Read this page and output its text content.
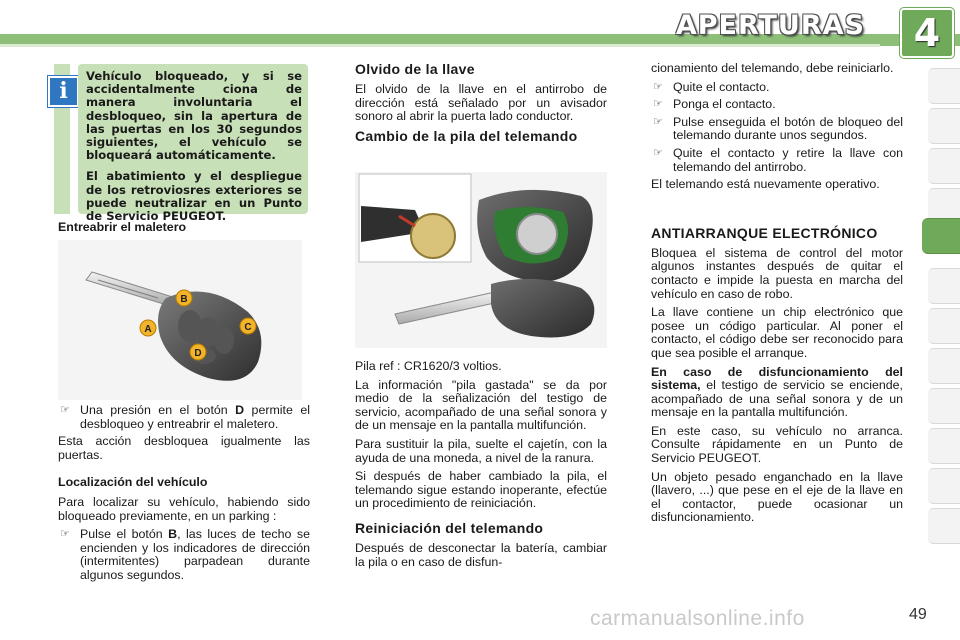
APERTURAS	4
i

Vehículo bloqueado, y si se accidentalmente ciona de manera involuntaria el desbloqueo, sin la apertura de las puertas en los 30 segundos siguientes, el vehículo se bloqueará automáticamente.

El abatimiento y el despliegue de los retroviosres exteriores se puede neutralizar en un Punto de Servicio PEUGEOT.

Entreabrir el maletero
A
B
C
D
☞ Una presión en el botón D permite el desbloqueo y entreabrir el maletero.

Esta acción desbloquea igualmente las puertas.

Localización del vehículo

Para localizar su vehículo, habiendo sido bloqueado previamente, en un parking :

☞ Pulse el botón B, las luces de techo se encienden y los indicadores de dirección (intermitentes) parpadean durante algunos segundos.
Olvido de la llave

El olvido de la llave en el antirrobo de dirección está señalado por un avisador sonoro al abrir la puerta lado conductor.

Cambio de la pila del telemando

Pila ref : CR1620/3 voltios.

La información "pila gastada" se da por medio de la señalización del testigo de servicio, acompañado de una señal sonora y de un mensaje en la pantalla multifunción.

Para sustituir la pila, suelte el cajetín, con la ayuda de una moneda, a nivel de la ranura.

Si después de haber cambiado la pila, el telemando sigue estando inoperante, efectúe un procedimiento de reiniciación.

Reiniciación del telemando

Después de desconectar la batería, cambiar la pila o en caso de disfun-

cionamiento del telemando, debe reiniciarlo.

☞ Quite el contacto.
☞ Ponga el contacto.
☞ Pulse enseguida el botón de bloqueo del telemando durante unos segundos.
☞ Quite el contacto y retire la llave con telemando del antirrobo.

El telemando está nuevamente operativo.

ANTIARRANQUE ELECTRÓNICO

Bloquea el sistema de control del motor algunos instantes después de quitar el contacto e impide la puesta en marcha del vehículo en caso de robo.

La llave contiene un chip electrónico que posee un código particular. Al poner el contacto, el código debe ser reconocido para que sea posible el arranque.

En caso de disfuncionamiento del sistema, el testigo de servicio se enciende, acompañado de una señal sonora y de un mensaje en la pantalla multifunción.

En este caso, su vehículo no arranca. Consulte rápidamente en un Punto de Servicio PEUGEOT.

Un objeto pesado enganchado en la llave (llavero, ...) que pese en el eje de la llave en el contactor, puede ocasionar un disfuncionamiento.

carmanualsonline.info	49
